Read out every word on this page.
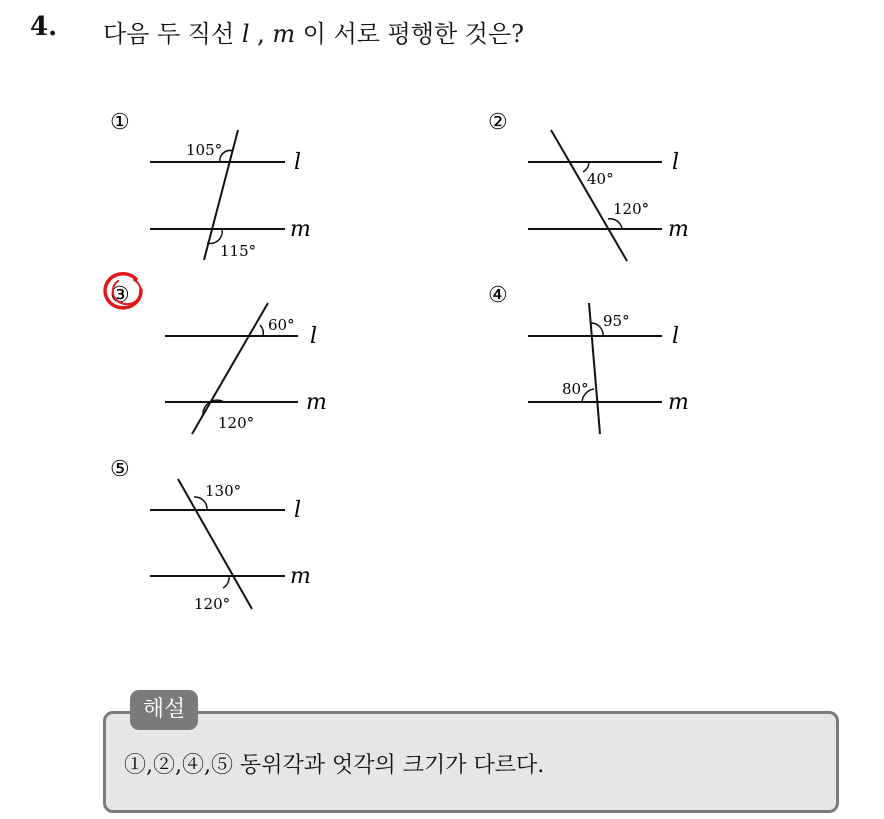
4. 다음 두 직선 l , m 이 서로 평행한 것은?
①	②
③	④
⑤
105°
115°
40°
120°
60°
120°
95°
80°
130°
120°
l
m
l
m
l
m
l
m
l
m
해설
①,②,④,⑤ 동위각과 엇각의 크기가 다르다.
